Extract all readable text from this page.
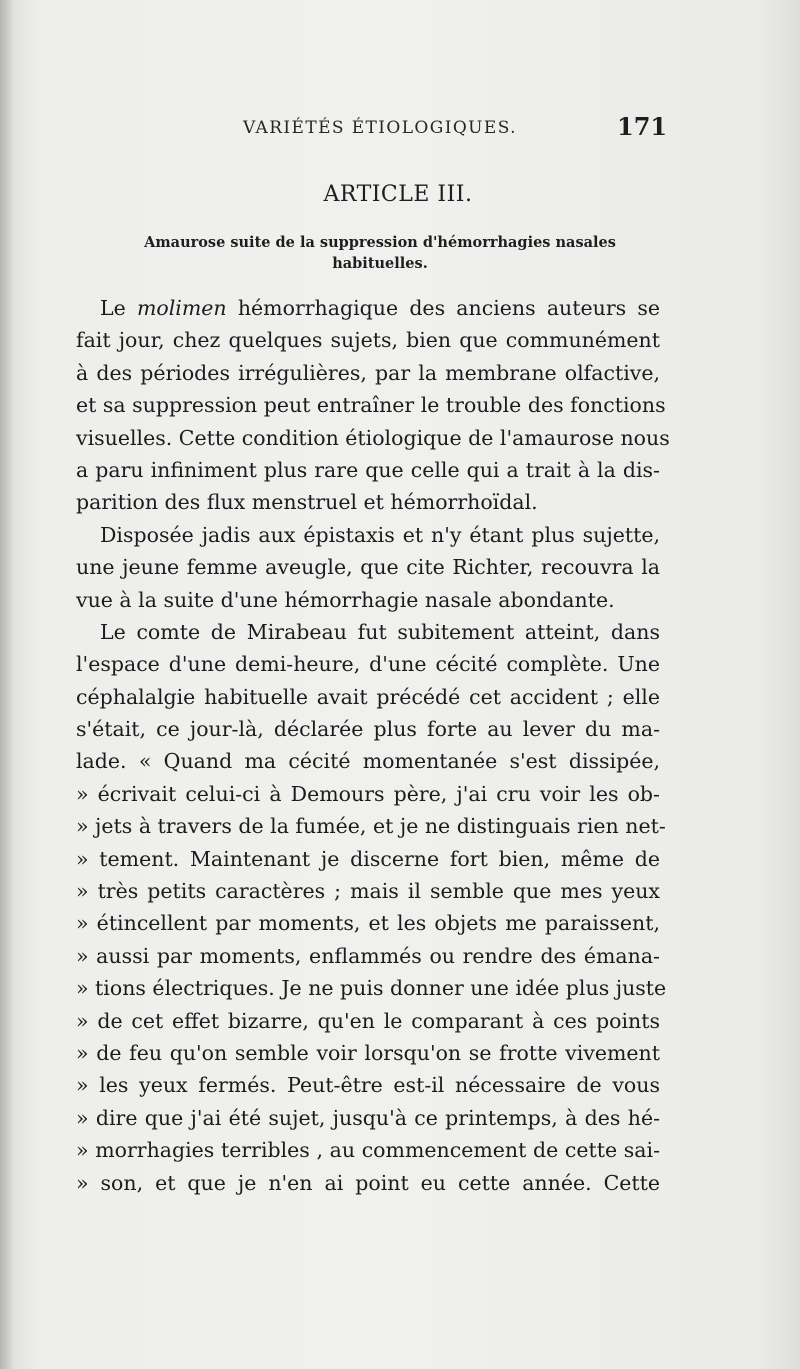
VARIÉTÉS ÉTIOLOGIQUES.	171
ARTICLE III.
Amaurose suite de la suppression d'hémorrhagies nasales
habituelles.
Le molimen hémorrhagique des anciens auteurs se
fait jour, chez quelques sujets, bien que communément
à des périodes irrégulières, par la membrane olfactive,
et sa suppression peut entraîner le trouble des fonctions
visuelles. Cette condition étiologique de l'amaurose nous
a paru infiniment plus rare que celle qui a trait à la dis-
parition des flux menstruel et hémorrhoïdal.
Disposée jadis aux épistaxis et n'y étant plus sujette,
une jeune femme aveugle, que cite Richter, recouvra la
vue à la suite d'une hémorrhagie nasale abondante.
Le comte de Mirabeau fut subitement atteint, dans
l'espace d'une demi-heure, d'une cécité complète. Une
céphalalgie habituelle avait précédé cet accident ; elle
s'était, ce jour-là, déclarée plus forte au lever du ma-
lade. « Quand ma cécité momentanée s'est dissipée,
» écrivait celui-ci à Demours père, j'ai cru voir les ob-
» jets à travers de la fumée, et je ne distinguais rien net-
» tement. Maintenant je discerne fort bien, même de
» très petits caractères ; mais il semble que mes yeux
» étincellent par moments, et les objets me paraissent,
» aussi par moments, enflammés ou rendre des émana-
» tions électriques. Je ne puis donner une idée plus juste
» de cet effet bizarre, qu'en le comparant à ces points
» de feu qu'on semble voir lorsqu'on se frotte vivement
» les yeux fermés. Peut-être est-il nécessaire de vous
» dire que j'ai été sujet, jusqu'à ce printemps, à des hé-
» morrhagies terribles , au commencement de cette sai-
» son, et que je n'en ai point eu cette année. Cette
